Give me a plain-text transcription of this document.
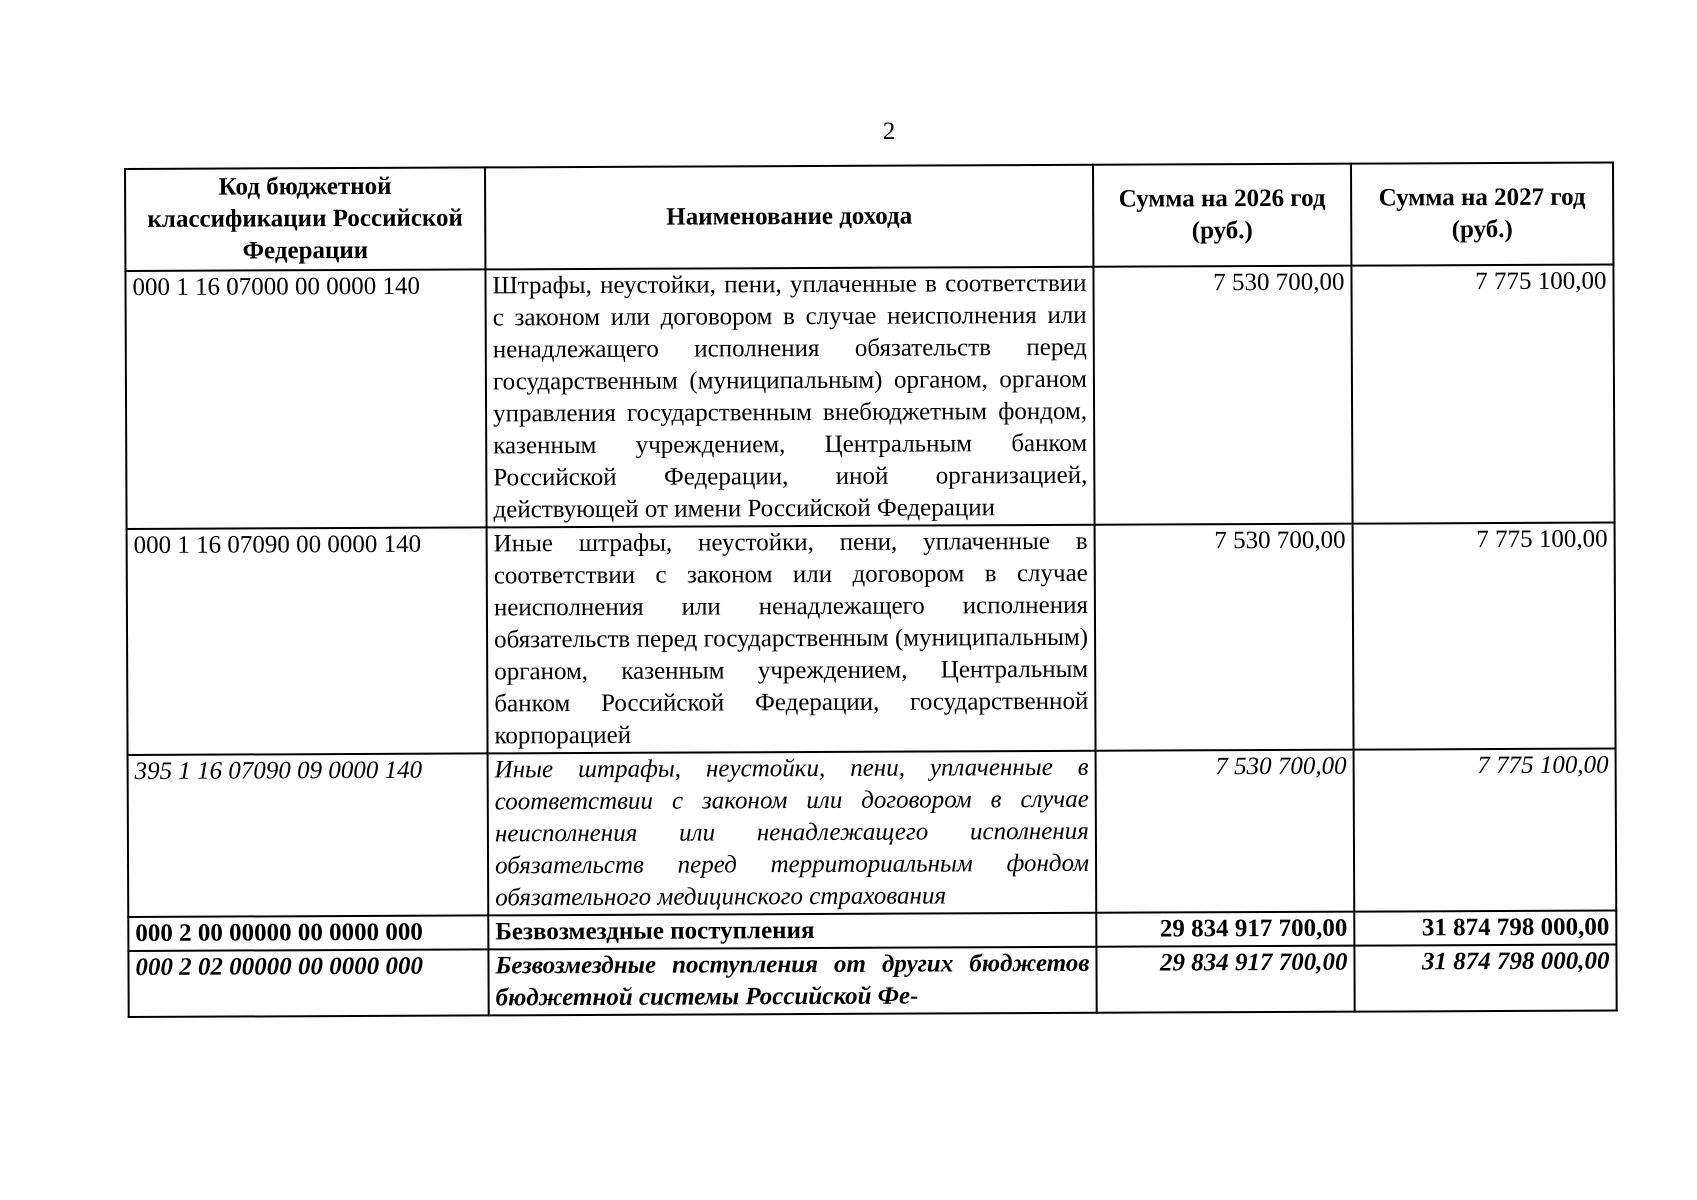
2
Код бюджетной классификации Российской Федерации	Наименование дохода	Сумма на 2026 год (руб.)	Сумма на 2027 год (руб.)
000 1 16 07000 00 0000 140	Штрафы, неустойки, пени, уплаченные в соответствии с законом или договором в случае неисполнения или ненадлежащего исполнения обязательств перед государственным (муниципальным) органом, органом управления государственным внебюджетным фондом, казенным учреждением, Центральным банком Российской Федерации, иной организацией, действующей от имени Российской Федерации	7 530 700,00	7 775 100,00
000 1 16 07090 00 0000 140	Иные штрафы, неустойки, пени, уплаченные в соответствии с законом или договором в случае неисполнения или ненадлежащего исполнения обязательств перед государственным (муниципальным) органом, казенным учреждением, Центральным банком Российской Федерации, государственной корпорацией	7 530 700,00	7 775 100,00
395 1 16 07090 09 0000 140	Иные штрафы, неустойки, пени, уплаченные в соответствии с законом или договором в случае неисполнения или ненадлежащего исполнения обязательств перед территориальным фондом обязательного медицинского страхования	7 530 700,00	7 775 100,00
000 2 00 00000 00 0000 000	Безвозмездные поступления	29 834 917 700,00	31 874 798 000,00
000 2 02 00000 00 0000 000	Безвозмездные поступления от других бюджетов бюджетной системы Российской Фе-	29 834 917 700,00	31 874 798 000,00
